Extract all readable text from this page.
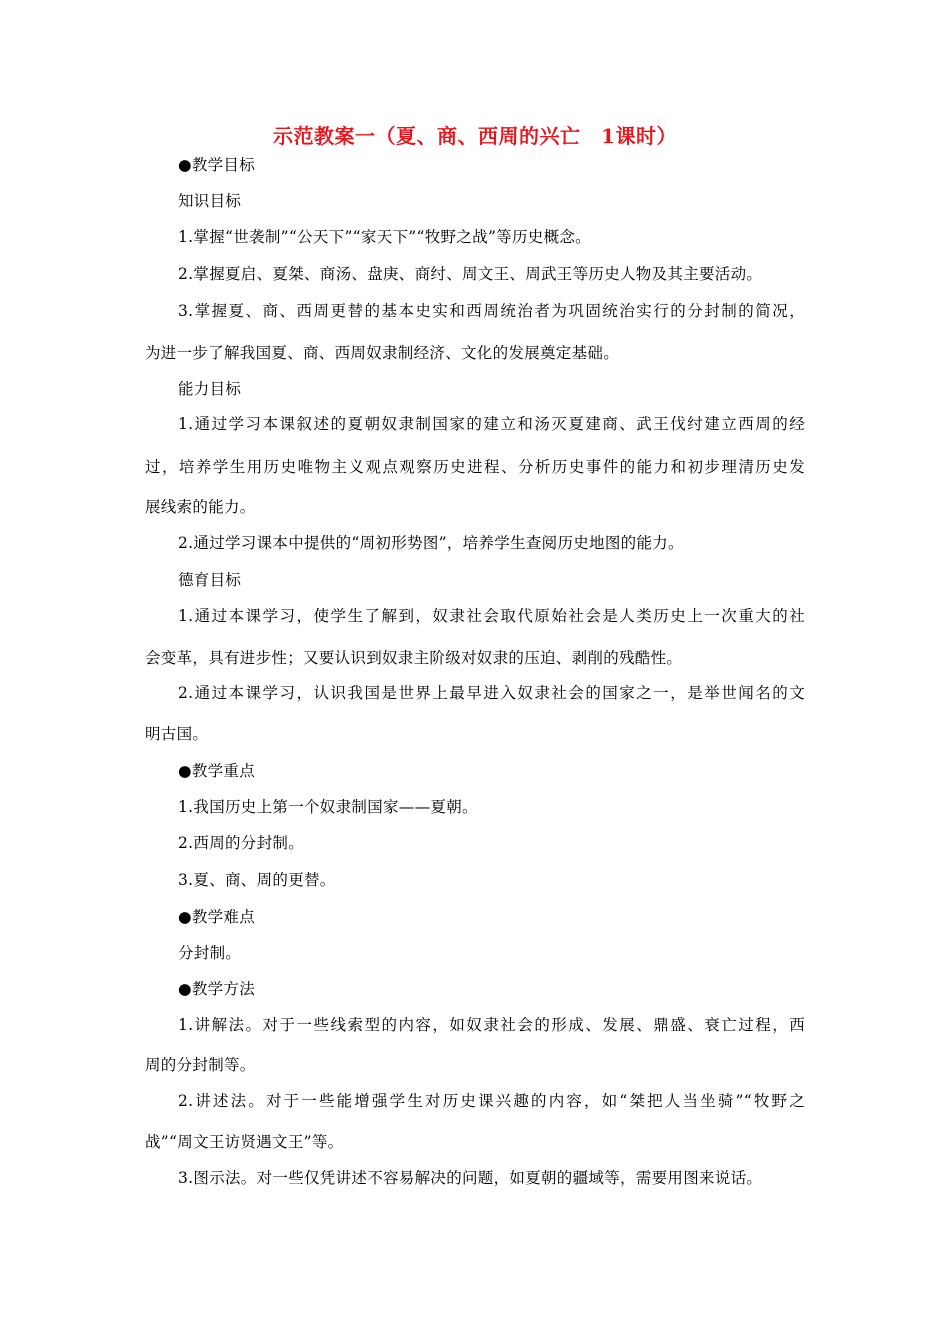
示范教案一（夏、商、西周的兴亡　1课时）
●教学目标
知识目标
1.掌握“世袭制”“公天下”“家天下”“牧野之战”等历史概念。
2.掌握夏启、夏桀、商汤、盘庚、商纣、周文王、周武王等历史人物及其主要活动。
3.掌握夏、商、西周更替的基本史实和西周统治者为巩固统治实行的分封制的简况，
为进一步了解我国夏、商、西周奴隶制经济、文化的发展奠定基础。
能力目标
1.通过学习本课叙述的夏朝奴隶制国家的建立和汤灭夏建商、武王伐纣建立西周的经
过，培养学生用历史唯物主义观点观察历史进程、分析历史事件的能力和初步理清历史发
展线索的能力。
2.通过学习课本中提供的“周初形势图”，培养学生查阅历史地图的能力。
德育目标
1.通过本课学习，使学生了解到，奴隶社会取代原始社会是人类历史上一次重大的社
会变革，具有进步性；又要认识到奴隶主阶级对奴隶的压迫、剥削的残酷性。
2.通过本课学习，认识我国是世界上最早进入奴隶社会的国家之一，是举世闻名的文
明古国。
●教学重点
1.我国历史上第一个奴隶制国家——夏朝。
2.西周的分封制。
3.夏、商、周的更替。
●教学难点
分封制。
●教学方法
1.讲解法。对于一些线索型的内容，如奴隶社会的形成、发展、鼎盛、衰亡过程，西
周的分封制等。
2.讲述法。对于一些能增强学生对历史课兴趣的内容，如“桀把人当坐骑”“牧野之
战”“周文王访贤遇文王”等。
3.图示法。对一些仅凭讲述不容易解决的问题，如夏朝的疆域等，需要用图来说话。
